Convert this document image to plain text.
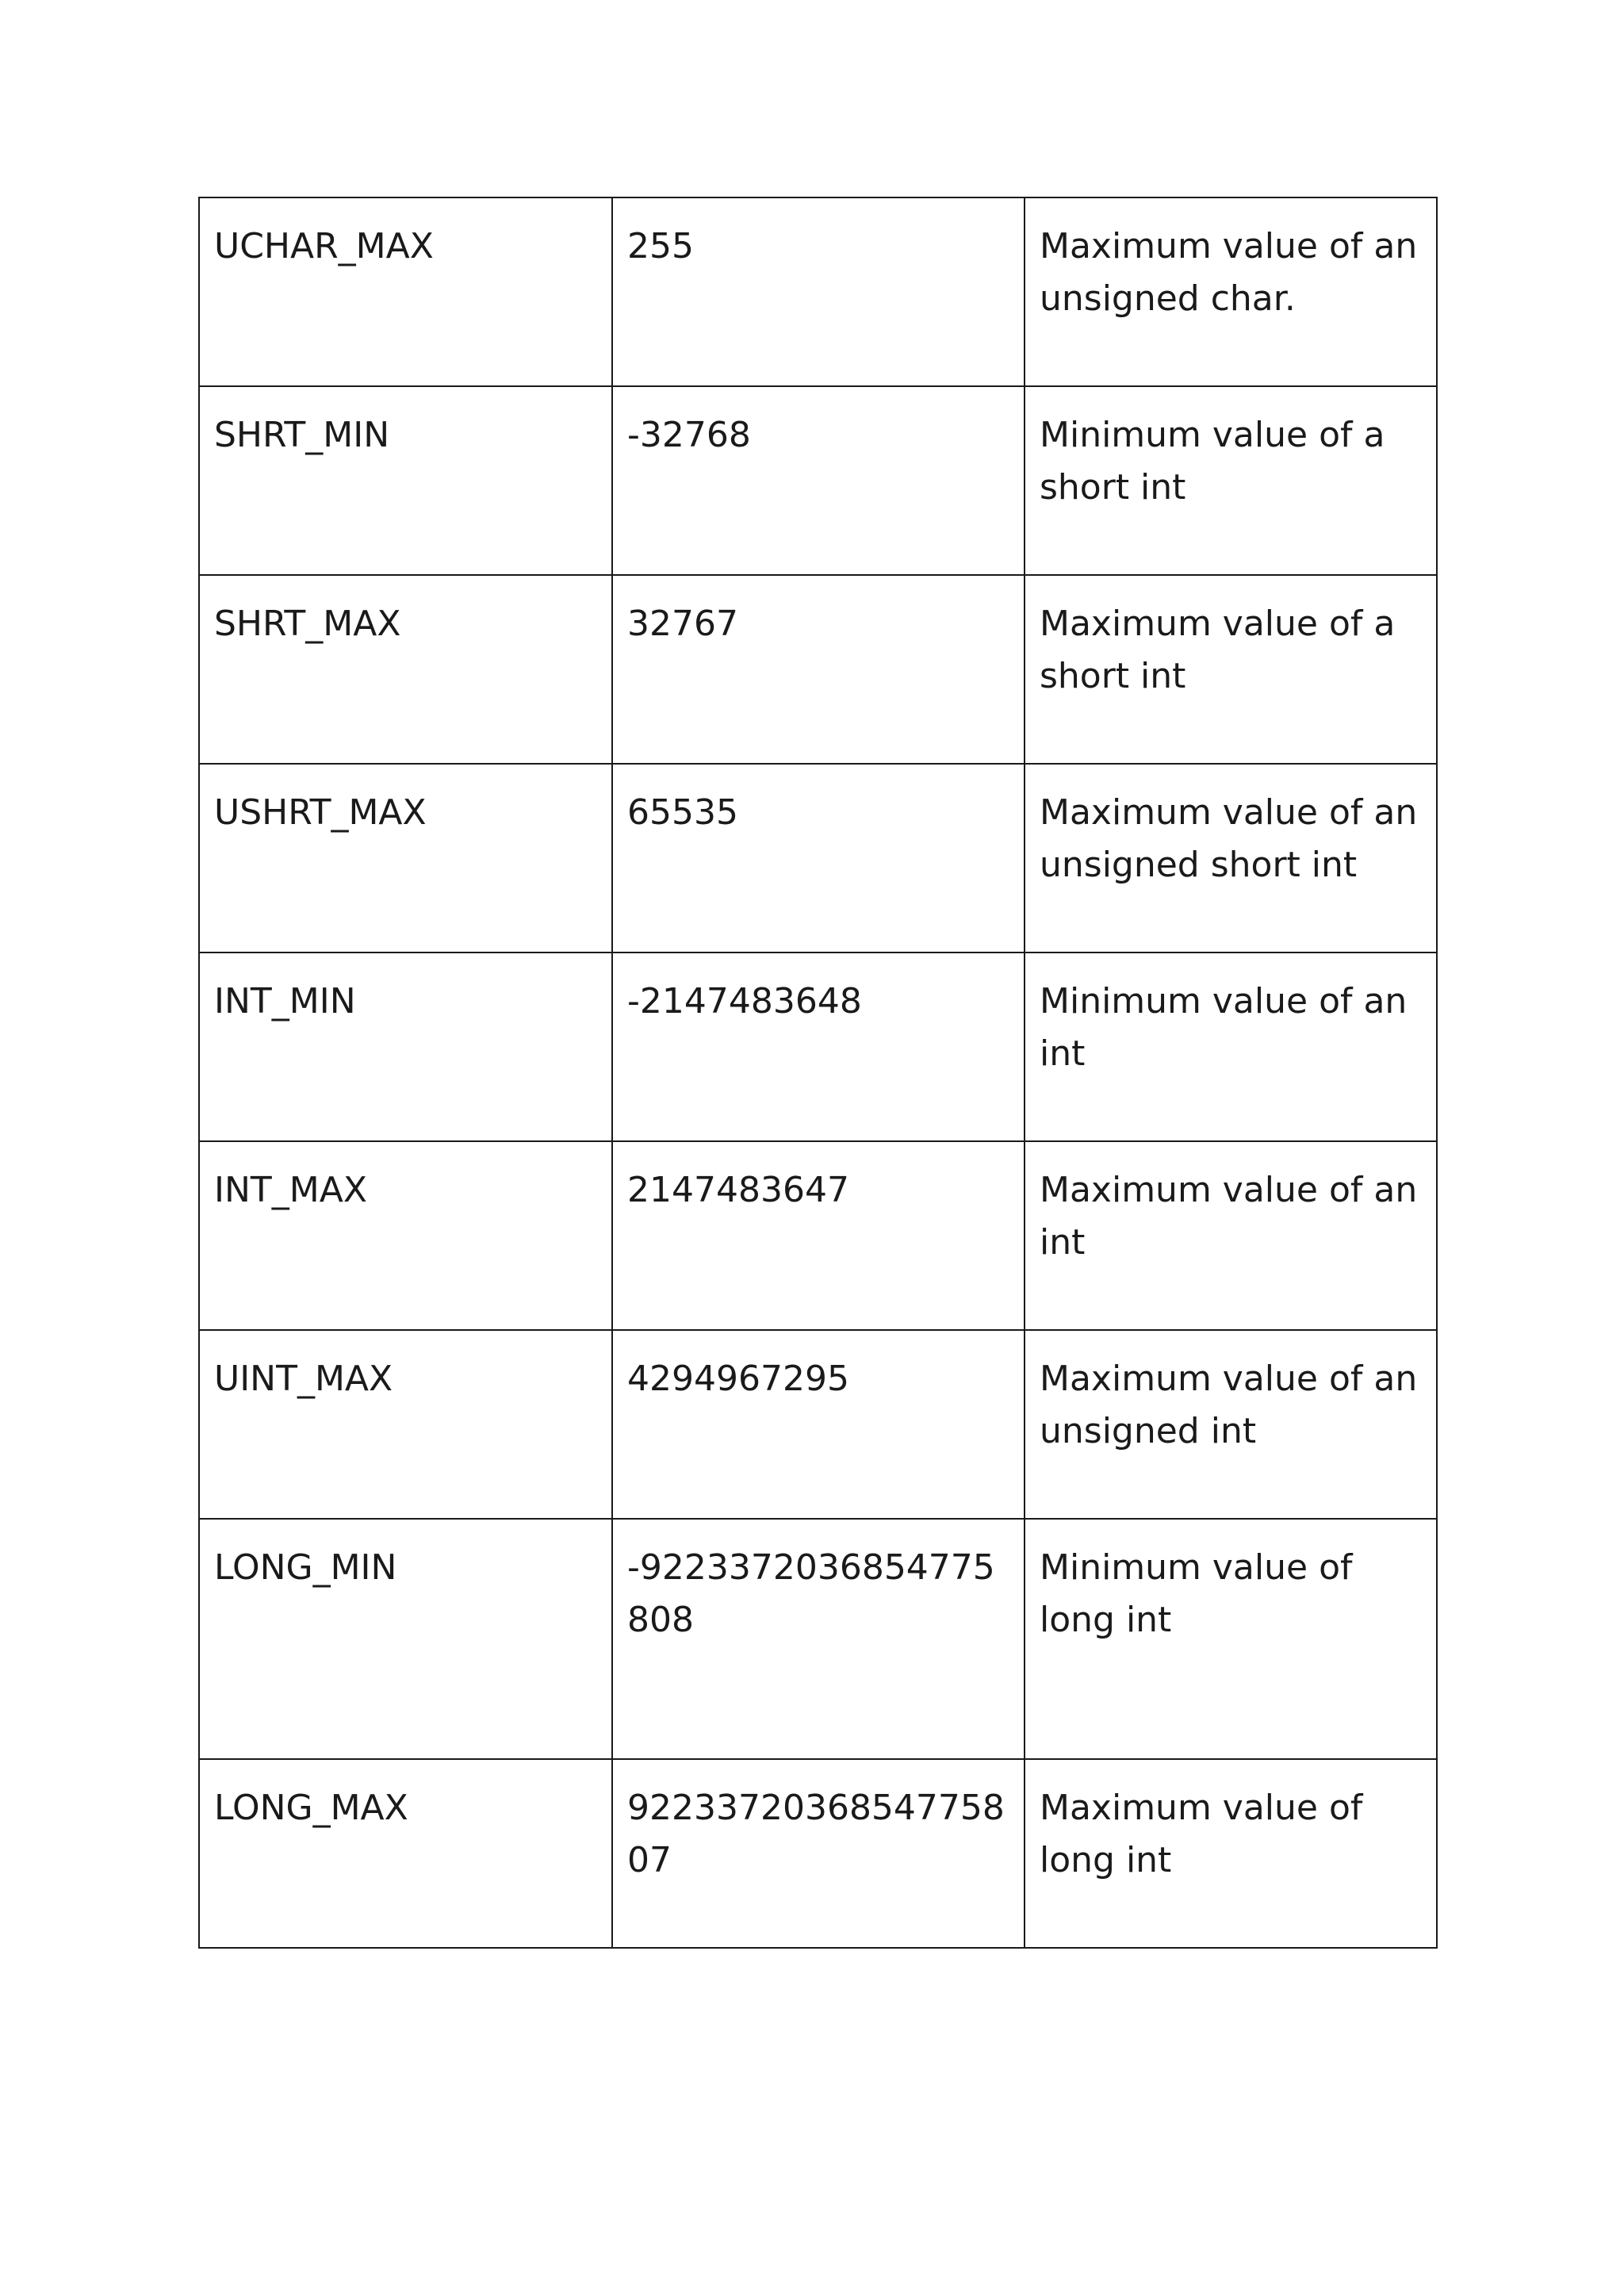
UCHAR_MAX	255	Maximum value of an unsigned char.
SHRT_MIN	-32768	Minimum value of a short int
SHRT_MAX	32767	Maximum value of a short int
USHRT_MAX	65535	Maximum value of an unsigned short int
INT_MIN	-2147483648	Minimum value of an int
INT_MAX	2147483647	Maximum value of an int
UINT_MAX	4294967295	Maximum value of an unsigned int
LONG_MIN	-9223372036854775808	Minimum value of long int
LONG_MAX	9223372036854775807	Maximum value of long int
